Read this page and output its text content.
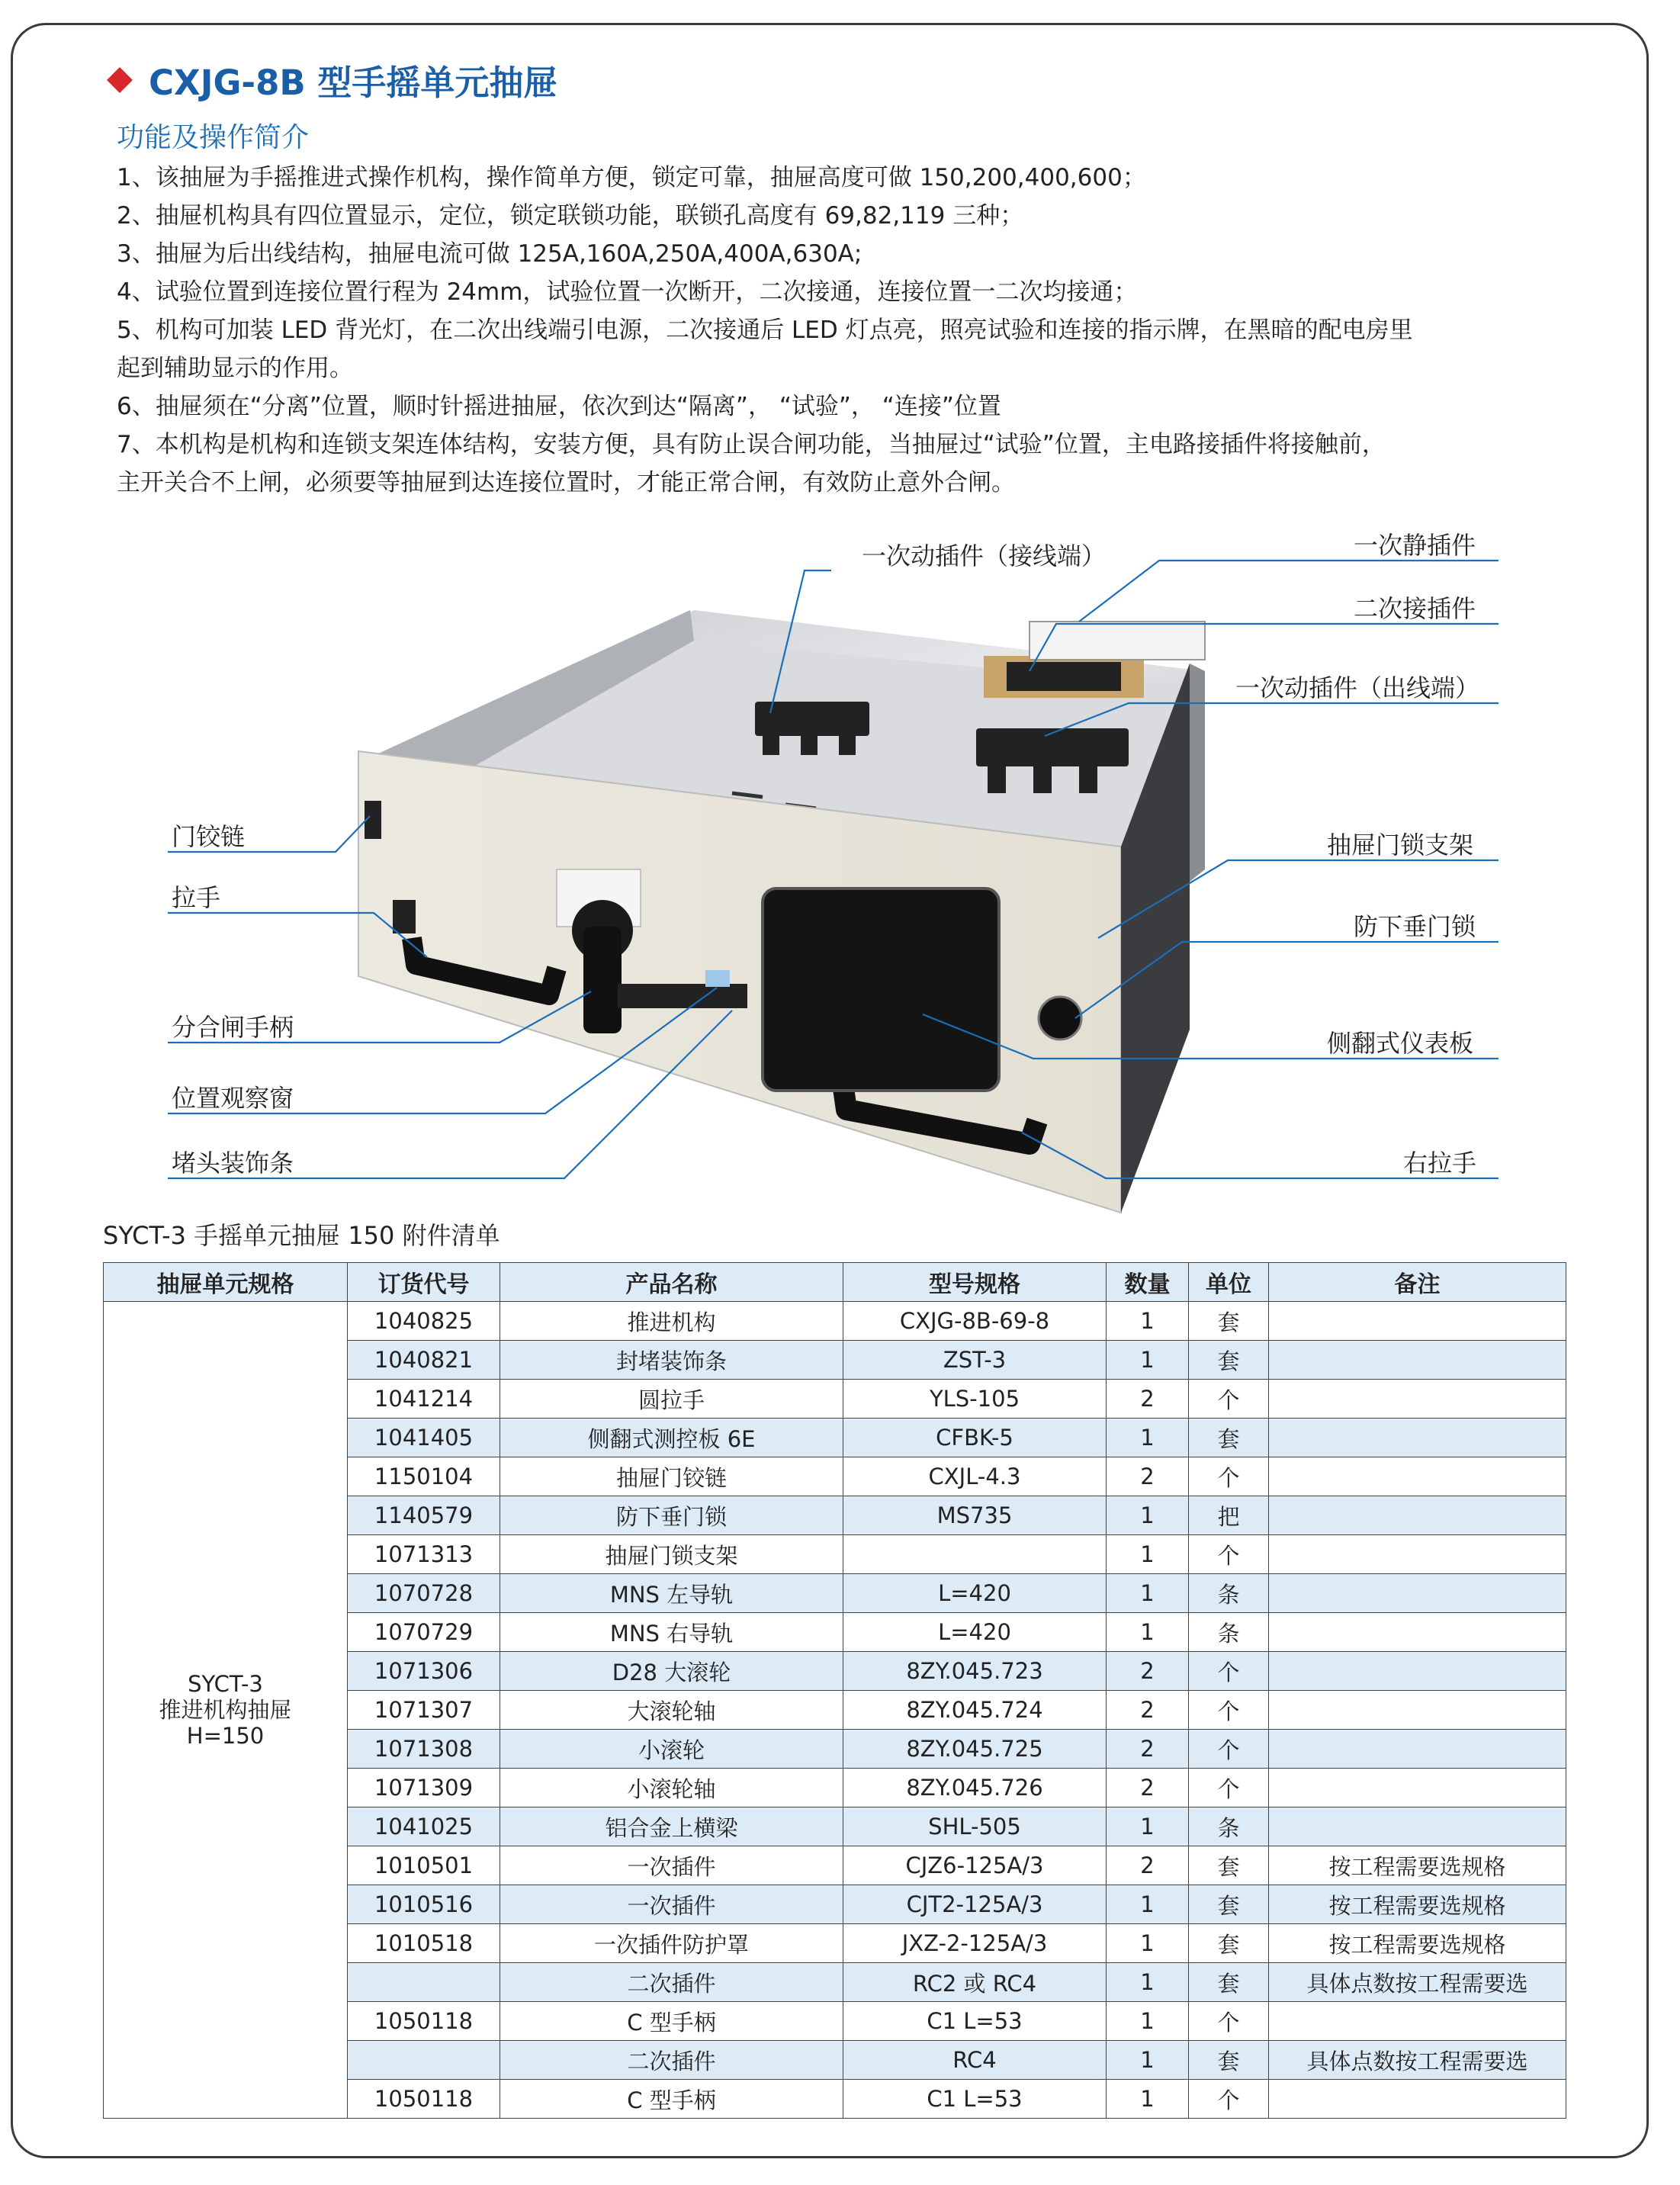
CXJG-8B 型手摇单元抽屉
功能及操作简介

1、该抽屉为手摇推进式操作机构，操作简单方便，锁定可靠，抽屉高度可做 150,200,400,600；

2、抽屉机构具有四位置显示，定位，锁定联锁功能，联锁孔高度有 69,82,119 三种；

3、抽屉为后出线结构，抽屉电流可做 125A,160A,250A,400A,630A;

4、试验位置到连接位置行程为 24mm，试验位置一次断开，二次接通，连接位置一二次均接通；

5、机构可加装 LED 背光灯，在二次出线端引电源，二次接通后 LED 灯点亮，照亮试验和连接的指示牌，在黑暗的配电房里

起到辅助显示的作用。

6、抽屉须在“分离”位置，顺时针摇进抽屉，依次到达“隔离”， “试验”， “连接”位置

7、本机构是机构和连锁支架连体结构，安装方便，具有防止误合闸功能，当抽屉过“试验”位置，主电路接插件将接触前，

主开关合不上闸，必须要等抽屉到达连接位置时，才能正常合闸，有效防止意外合闸。

一次动插件（接线端）	一次静插件
二次接插件
一次动插件（出线端）
门铰链
拉手
抽屉门锁支架
防下垂门锁
分合闸手柄
侧翻式仪表板
位置观察窗
堵头装饰条	右拉手
SYCT-3 手摇单元抽屉 150 附件清单
抽屉单元规格	订货代号	产品名称	型号规格	数量	单位	备注
SYCT-3
推进机构抽屉
H=150	1040825	推进机构	CXJG-8B-69-8	1	套	
	1040821	封堵装饰条	ZST-3	1	套	
	1041214	圆拉手	YLS-105	2	个	
	1041405	侧翻式测控板 6E	CFBK-5	1	套	
	1150104	抽屉门铰链	CXJL-4.3	2	个	
	1140579	防下垂门锁	MS735	1	把	
	1071313	抽屉门锁支架		1	个	
	1070728	MNS 左导轨	L=420	1	条	
	1070729	MNS 右导轨	L=420	1	条	
	1071306	D28 大滚轮	8ZY.045.723	2	个	
	1071307	大滚轮轴	8ZY.045.724	2	个	
	1071308	小滚轮	8ZY.045.725	2	个	
	1071309	小滚轮轴	8ZY.045.726	2	个	
	1041025	铝合金上横梁	SHL-505	1	条	
	1010501	一次插件	CJZ6-125A/3	2	套	按工程需要选规格
	1010516	一次插件	CJT2-125A/3	1	套	按工程需要选规格
	1010518	一次插件防护罩	JXZ-2-125A/3	1	套	按工程需要选规格
		二次插件	RC2 或 RC4	1	套	具体点数按工程需要选
	1050118	C 型手柄	C1 L=53	1	个	
		二次插件	RC4	1	套	具体点数按工程需要选
	1050118	C 型手柄	C1 L=53	1	个	
